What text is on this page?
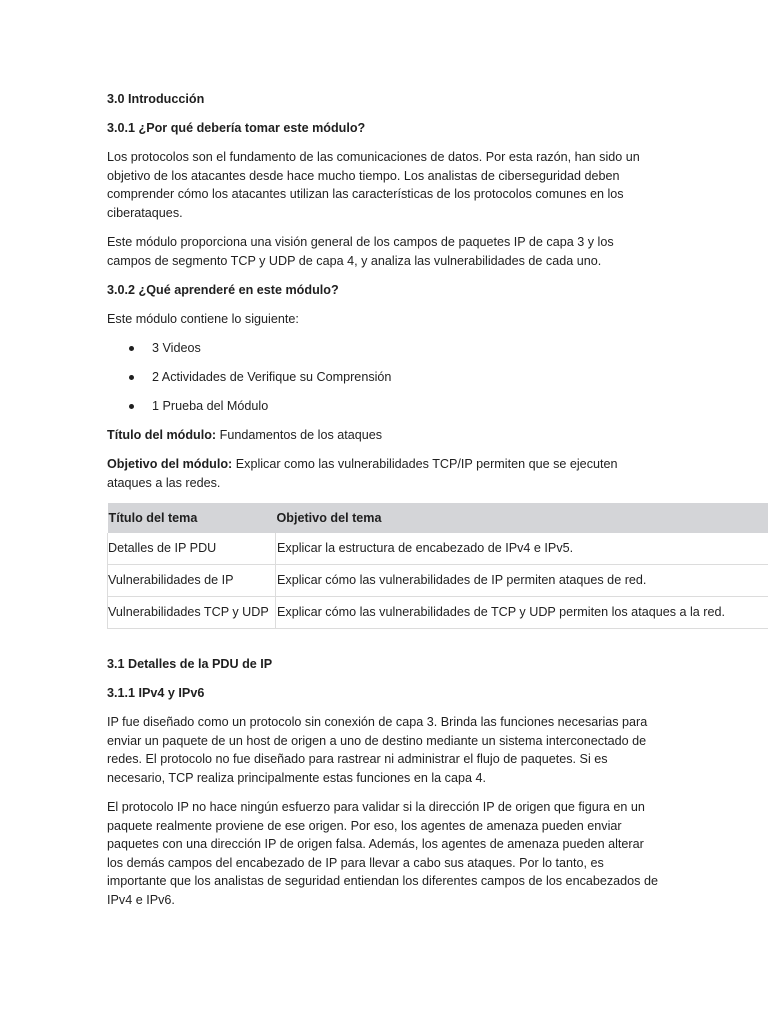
3.0 Introducción
3.0.1 ¿Por qué debería tomar este módulo?

Los protocolos son el fundamento de las comunicaciones de datos. Por esta razón, han sido un objetivo de los atacantes desde hace mucho tiempo. Los analistas de ciberseguridad deben comprender cómo los atacantes utilizan las características de los protocolos comunes en los ciberataques.

Este módulo proporciona una visión general de los campos de paquetes IP de capa 3 y los campos de segmento TCP y UDP de capa 4, y analiza las vulnerabilidades de cada uno.

3.0.2 ¿Qué aprenderé en este módulo?

Este módulo contiene lo siguiente:

3 Videos
2 Actividades de Verifique su Comprensión
1 Prueba del Módulo

Título del módulo: Fundamentos de los ataques

Objetivo del módulo: Explicar como las vulnerabilidades TCP/IP permiten que se ejecuten ataques a las redes.

Título del tema	Objetivo del tema
Detalles de IP PDU	Explicar la estructura de encabezado de IPv4 e IPv5.
Vulnerabilidades de IP	Explicar cómo las vulnerabilidades de IP permiten ataques de red.
Vulnerabilidades TCP y UDP	Explicar cómo las vulnerabilidades de TCP y UDP permiten los ataques a la red.
3.1 Detalles de la PDU de IP
3.1.1 IPv4 y IPv6

IP fue diseñado como un protocolo sin conexión de capa 3. Brinda las funciones necesarias para enviar un paquete de un host de origen a uno de destino mediante un sistema interconectado de redes. El protocolo no fue diseñado para rastrear ni administrar el flujo de paquetes. Si es necesario, TCP realiza principalmente estas funciones en la capa 4.

El protocolo IP no hace ningún esfuerzo para validar si la dirección IP de origen que figura en un paquete realmente proviene de ese origen. Por eso, los agentes de amenaza pueden enviar paquetes con una dirección IP de origen falsa. Además, los agentes de amenaza pueden alterar los demás campos del encabezado de IP para llevar a cabo sus ataques. Por lo tanto, es importante que los analistas de seguridad entiendan los diferentes campos de los encabezados de IPv4 e IPv6.
